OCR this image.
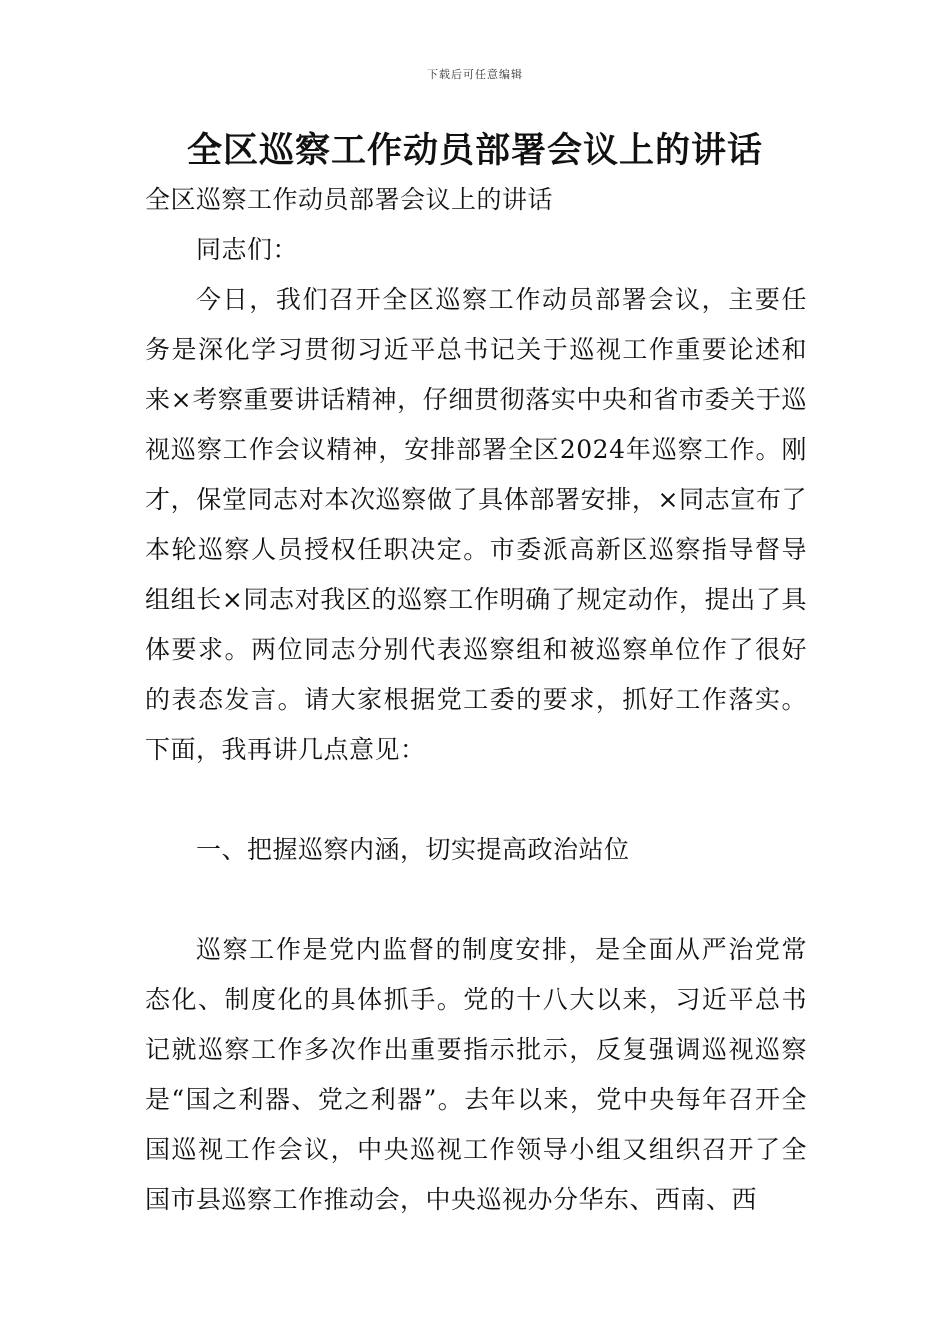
下载后可任意编辑
全区巡察工作动员部署会议上的讲话

全区巡察工作动员部署会议上的讲话

同志们：

今日，我们召开全区巡察工作动员部署会议，主要任务是深化学习贯彻习近平总书记关于巡视工作重要论述和来×考察重要讲话精神，仔细贯彻落实中央和省市委关于巡视巡察工作会议精神，安排部署全区2024年巡察工作。刚才，保堂同志对本次巡察做了具体部署安排，×同志宣布了本轮巡察人员授权任职决定。市委派高新区巡察指导督导组组长×同志对我区的巡察工作明确了规定动作，提出了具体要求。两位同志分别代表巡察组和被巡察单位作了很好的表态发言。请大家根据党工委的要求，抓好工作落实。下面，我再讲几点意见：

一、把握巡察内涵，切实提高政治站位

巡察工作是党内监督的制度安排，是全面从严治党常态化、制度化的具体抓手。党的十八大以来，习近平总书记就巡察工作多次作出重要指示批示，反复强调巡视巡察是“国之利器、党之利器”。去年以来，党中央每年召开全国巡视工作会议，中央巡视工作领导小组又组织召开了全国市县巡察工作推动会，中央巡视办分华东、西南、西
